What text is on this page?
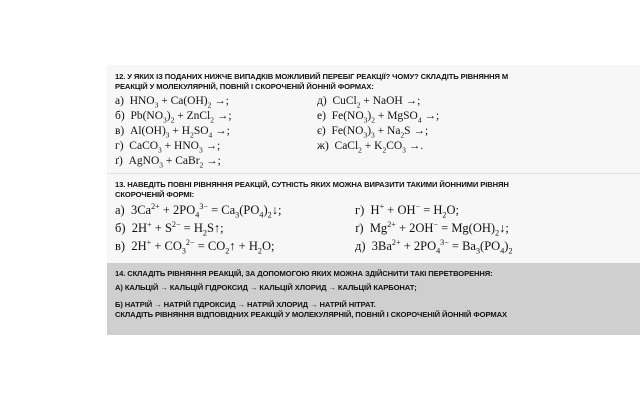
12. У ЯКИХ ІЗ ПОДАНИХ НИЖЧЕ ВИПАДКІВ МОЖЛИВИЙ ПЕРЕБІГ РЕАКЦІЇ? ЧОМУ? СКЛАДІТЬ РІВНЯННЯ М
РЕАКЦІЙ У МОЛЕКУЛЯРНІЙ, ПОВНІЙ І СКОРОЧЕНІЙ ЙОННІЙ ФОРМАХ:
а) $HNO_3 + Ca(OH)_2$ →;
б) $Pb(NO_3)_2$ + ZnCl$_2$ →;
в) $Al(OH)_3 + H_2SO_4$ →;
г) CaCO$_3$ + $HNO_3$ →;
ґ) AgNO$_3$ + CaBr$_2$ →;
д) CuCl$_2$ + NaOH →;
е) $Fe(NO_3)_2$ + MgSO$_4$ →;
є) $Fe(NO_3)_3 + Na_2S$ →;
ж) CaCl$_2$ + $K_2CO_3$ →.
13. НАВЕДІТЬ ПОВНІ РІВНЯННЯ РЕАКЦІЙ, СУТНІСТЬ ЯКИХ МОЖНА ВИРАЗИТИ ТАКИМИ ЙОННИМИ РІВНЯН
СКОРОЧЕНІЙ ФОРМІ:
а) $3Ca^{2+} + 2PO_4^{3-}$ = $Ca_3(PO_4)_2↓$;
б) $2H^+ + S^{2-}$ = $H_2S↑$;
в) $2H^+ + CO_3^{2-}$ = $CO_2↑ + H_2O$;
г) $H^+ + OH^- = H_2O$;
ґ) $Mg^{2+} + 2OH^-$ = $Mg(OH)_2↓$;
д) $3Ba^{2+} + 2PO_4^{3-} = Ba_3(PO_4)_2$
14. СКЛАДІТЬ РІВНЯННЯ РЕАКЦІЙ, ЗА ДОПОМОГОЮ ЯКИХ МОЖНА ЗДІЙСНИТИ ТАКІ ПЕРЕТВОРЕННЯ:
А) КАЛЬЦІЙ → КАЛЬЦІЙ ГІДРОКСИД → КАЛЬЦІЙ ХЛОРИД → КАЛЬЦІЙ КАРБОНАТ;
Б) НАТРІЙ → НАТРІЙ ГІДРОКСИД → НАТРІЙ ХЛОРИД → НАТРІЙ НІТРАТ.
СКЛАДІТЬ РІВНЯННЯ ВІДПОВІДНИХ РЕАКЦІЙ У МОЛЕКУЛЯРНІЙ, ПОВНІЙ І СКОРОЧЕНІЙ ЙОННІЙ ФОРМАХ
